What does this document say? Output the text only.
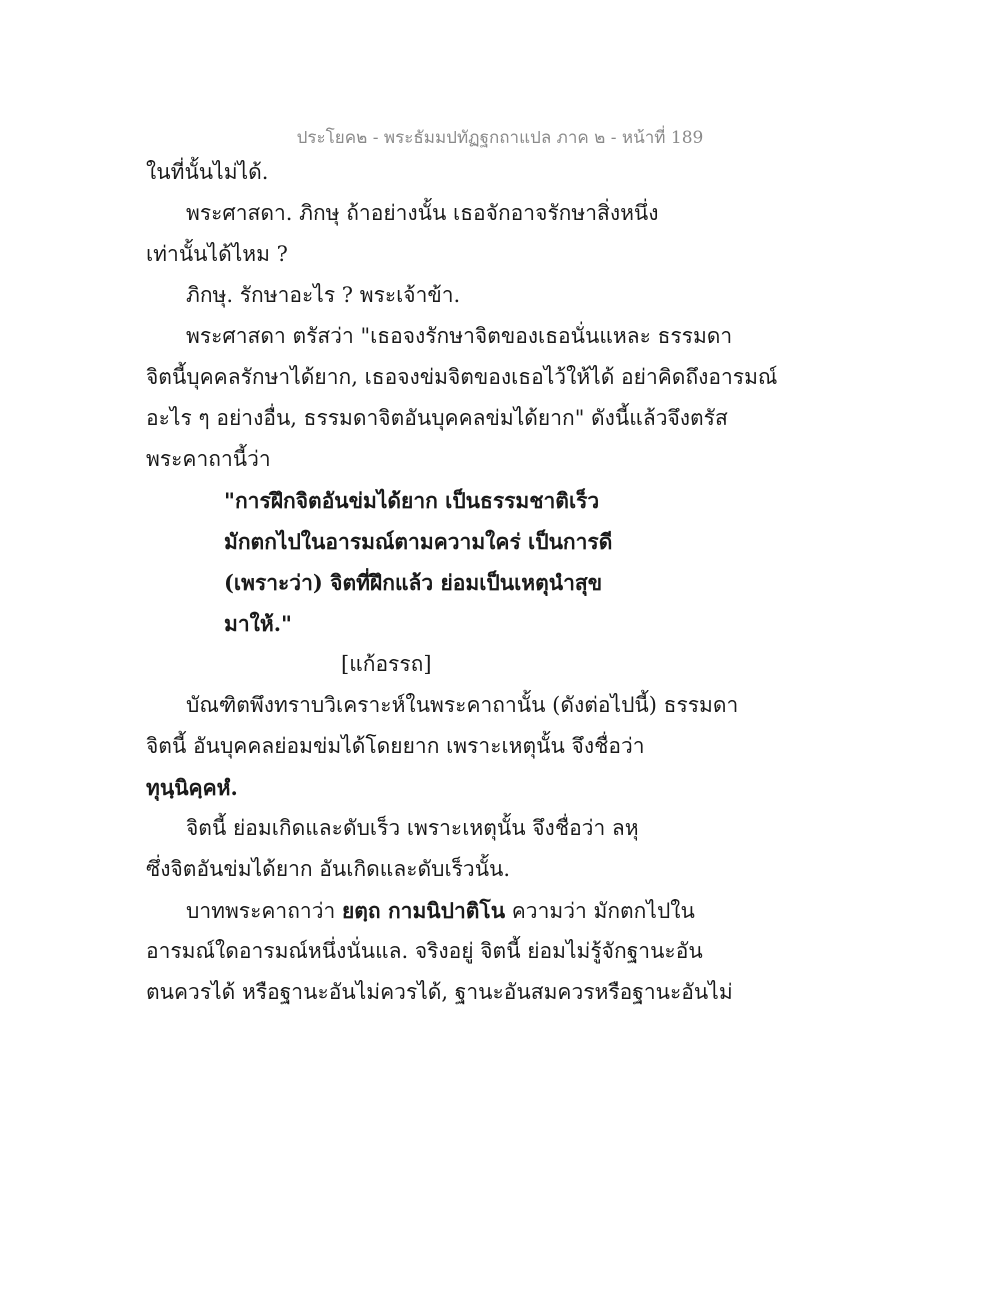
ประโยค๒ - พระธัมมปทัฏฐกถาแปล ภาค ๒ - หน้าที่ 189
ในที่นั้นไม่ได้.
พระศาสดา. ภิกษุ ถ้าอย่างนั้น เธอจักอาจรักษาสิ่งหนึ่ง
เท่านั้นได้ไหม ?
ภิกษุ. รักษาอะไร ? พระเจ้าข้า.
พระศาสดา ตรัสว่า "เธอจงรักษาจิตของเธอนั่นแหละ ธรรมดา
จิตนี้บุคคลรักษาได้ยาก, เธอจงข่มจิตของเธอไว้ให้ได้ อย่าคิดถึงอารมณ์
อะไร ๆ อย่างอื่น, ธรรมดาจิตอันบุคคลข่มได้ยาก" ดังนี้แล้วจึงตรัส
พระคาถานี้ว่า
"การฝึกจิตอันข่มได้ยาก เป็นธรรมชาติเร็ว
มักตกไปในอารมณ์ตามความใคร่ เป็นการดี
(เพราะว่า) จิตที่ฝึกแล้ว ย่อมเป็นเหตุนำสุข
มาให้."
[แก้อรรถ]
บัณฑิตพึงทราบวิเคราะห์ในพระคาถานั้น (ดังต่อไปนี้) ธรรมดา
จิตนี้ อันบุคคลย่อมข่มได้โดยยาก เพราะเหตุนั้น จึงชื่อว่า
ทุนฺนิคฺคหํ.
จิตนี้ ย่อมเกิดและดับเร็ว เพราะเหตุนั้น จึงชื่อว่า ลหุ
ซึ่งจิตอันข่มได้ยาก อันเกิดและดับเร็วนั้น.
บาทพระคาถาว่า ยตฺถ กามนิปาติโน ความว่า มักตกไปใน
อารมณ์ใดอารมณ์หนึ่งนั่นแล. จริงอยู่ จิตนี้ ย่อมไม่รู้จักฐานะอัน
ตนควรได้ หรือฐานะอันไม่ควรได้, ฐานะอันสมควรหรือฐานะอันไม่
